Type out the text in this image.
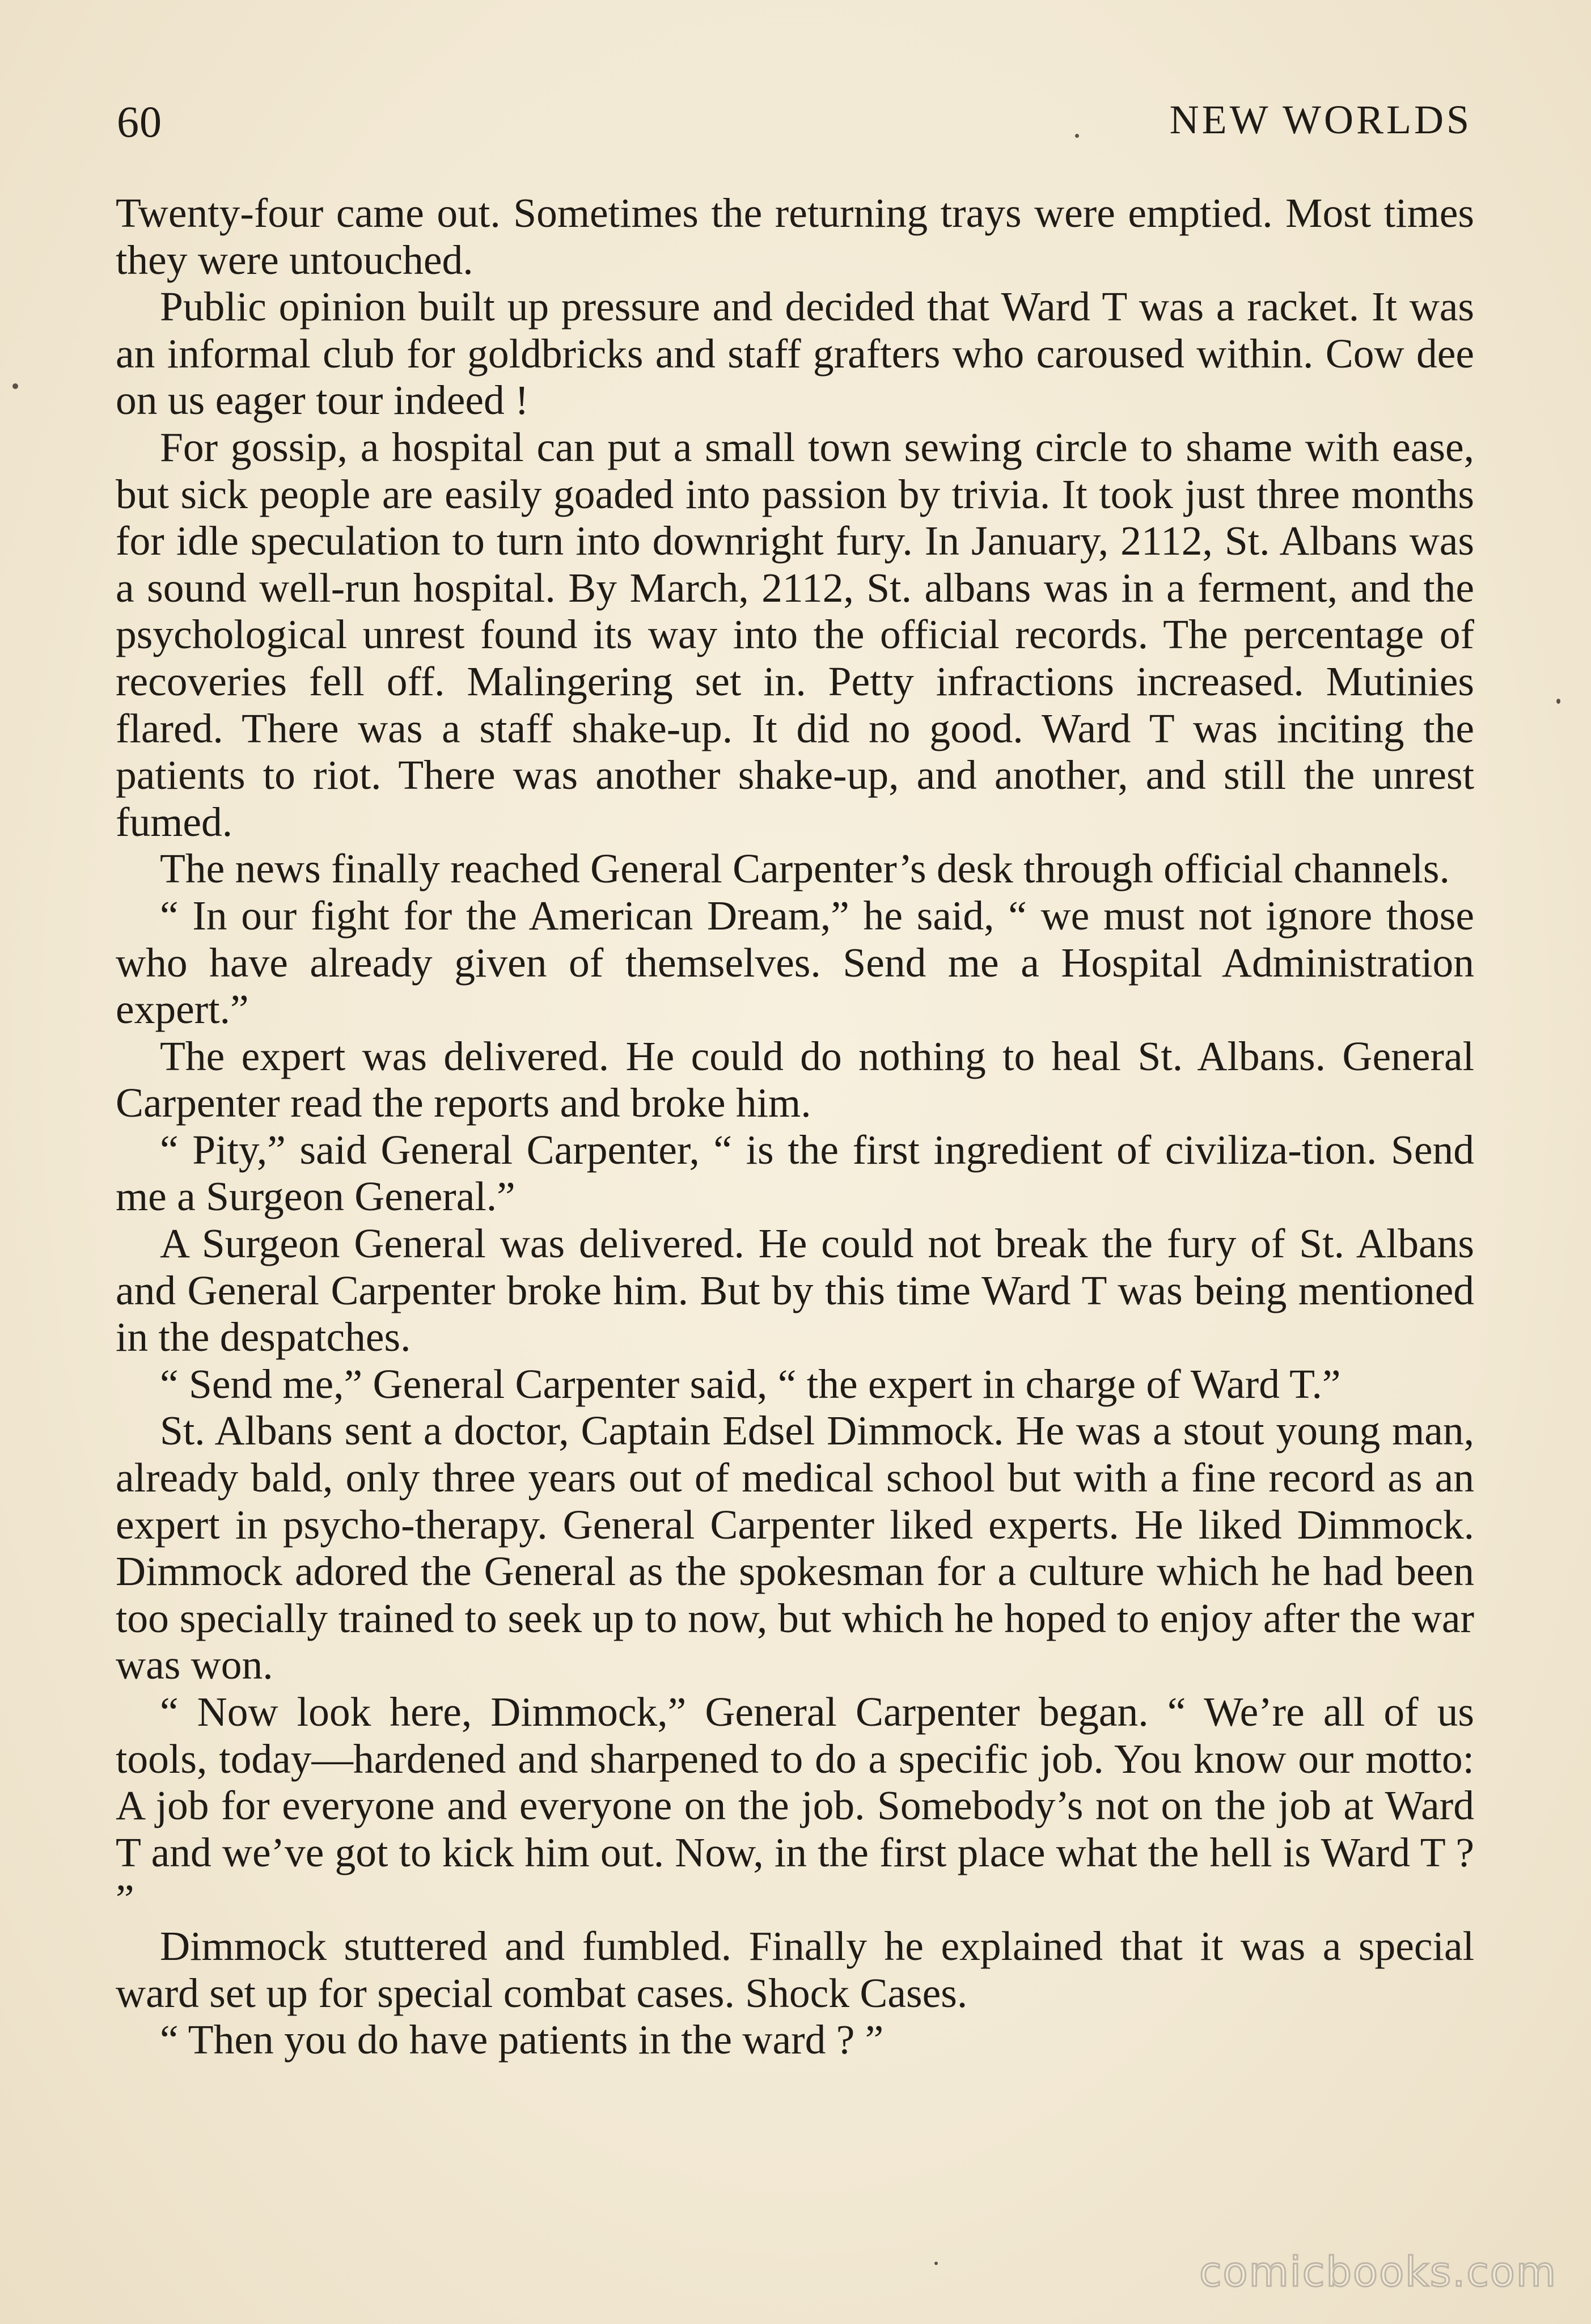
60	NEW WORLDS

Twenty-four came out. Sometimes the returning trays were emptied. Most times they were untouched.

Public opinion built up pressure and decided that Ward T was a racket. It was an informal club for goldbricks and staff grafters who caroused within. Cow dee on us eager tour indeed !

For gossip, a hospital can put a small town sewing circle to shame with ease, but sick people are easily goaded into passion by trivia. It took just three months for idle speculation to turn into downright fury. In January, 2112, St. Albans was a sound well-run hospital. By March, 2112, St. albans was in a ferment, and the psychological unrest found its way into the official records. The percentage of recoveries fell off. Malingering set in. Petty infractions increased. Mutinies flared. There was a staff shake-up. It did no good. Ward T was inciting the patients to riot. There was another shake-up, and another, and still the unrest fumed.

The news finally reached General Carpenter’s desk through official channels.

“ In our fight for the American Dream,” he said, “ we must not ignore those who have already given of themselves. Send me a Hospital Administration expert.”

The expert was delivered. He could do nothing to heal St. Albans. General Carpenter read the reports and broke him.

“ Pity,” said General Carpenter, “ is the first ingredient of civiliza-tion. Send me a Surgeon General.”

A Surgeon General was delivered. He could not break the fury of St. Albans and General Carpenter broke him. But by this time Ward T was being mentioned in the despatches.

“ Send me,” General Carpenter said, “ the expert in charge of Ward T.”

St. Albans sent a doctor, Captain Edsel Dimmock. He was a stout young man, already bald, only three years out of medical school but with a fine record as an expert in psycho-therapy. General Carpenter liked experts. He liked Dimmock. Dimmock adored the General as the spokesman for a culture which he had been too specially trained to seek up to now, but which he hoped to enjoy after the war was won.

“ Now look here, Dimmock,” General Carpenter began. “ We’re all of us tools, today—hardened and sharpened to do a specific job. You know our motto: A job for everyone and everyone on the job. Somebody’s not on the job at Ward T and we’ve got to kick him out. Now, in the first place what the hell is Ward T ? ”

Dimmock stuttered and fumbled. Finally he explained that it was a special ward set up for special combat cases. Shock Cases.

“ Then you do have patients in the ward ? ”

comicbooks.com
